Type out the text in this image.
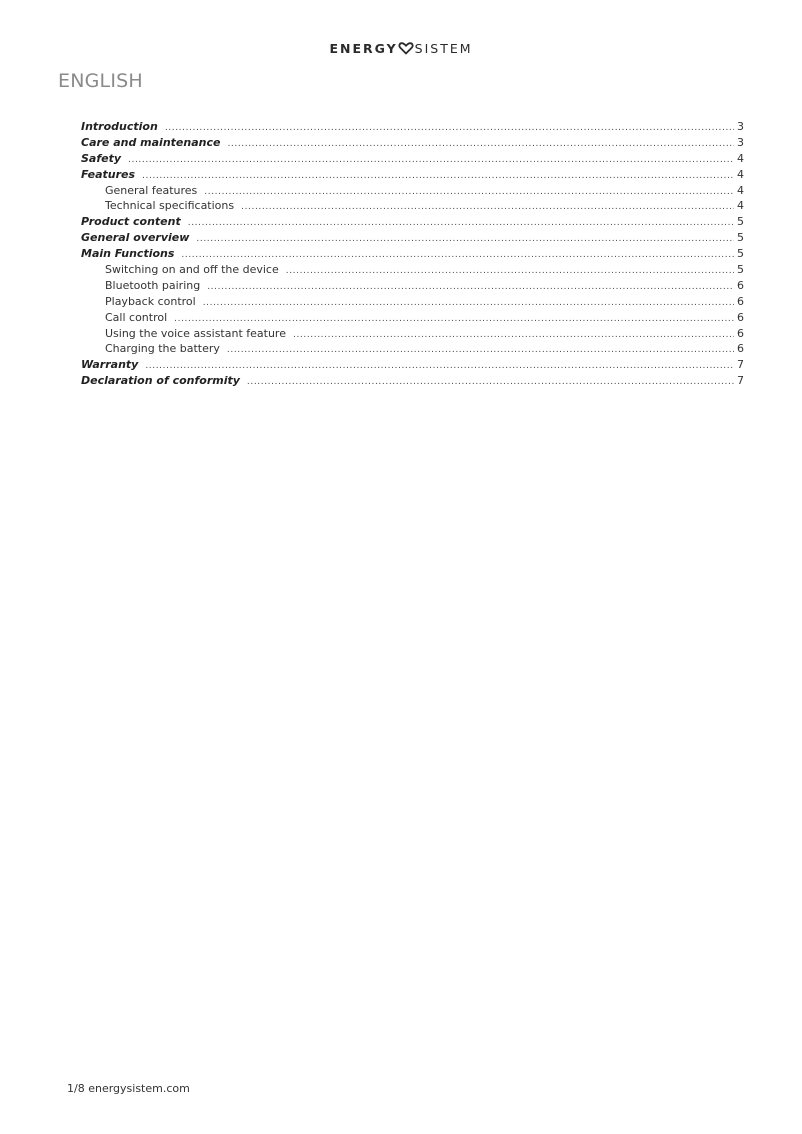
ENERGY SISTEM
ENGLISH
Introduction .....	3
Care and maintenance .....	3
Safety .....	4
Features .....	4
General features .....	4
Technical specifications .....	4
Product content .....	5
General overview .....	5
Main Functions .....	5
Switching on and off the device .....	5
Bluetooth pairing .....	6
Playback control .....	6
Call control .....	6
Using the voice assistant feature .....	6
Charging the battery .....	6
Warranty .....	7
Declaration of conformity .....	7
1/8 energysistem.com
